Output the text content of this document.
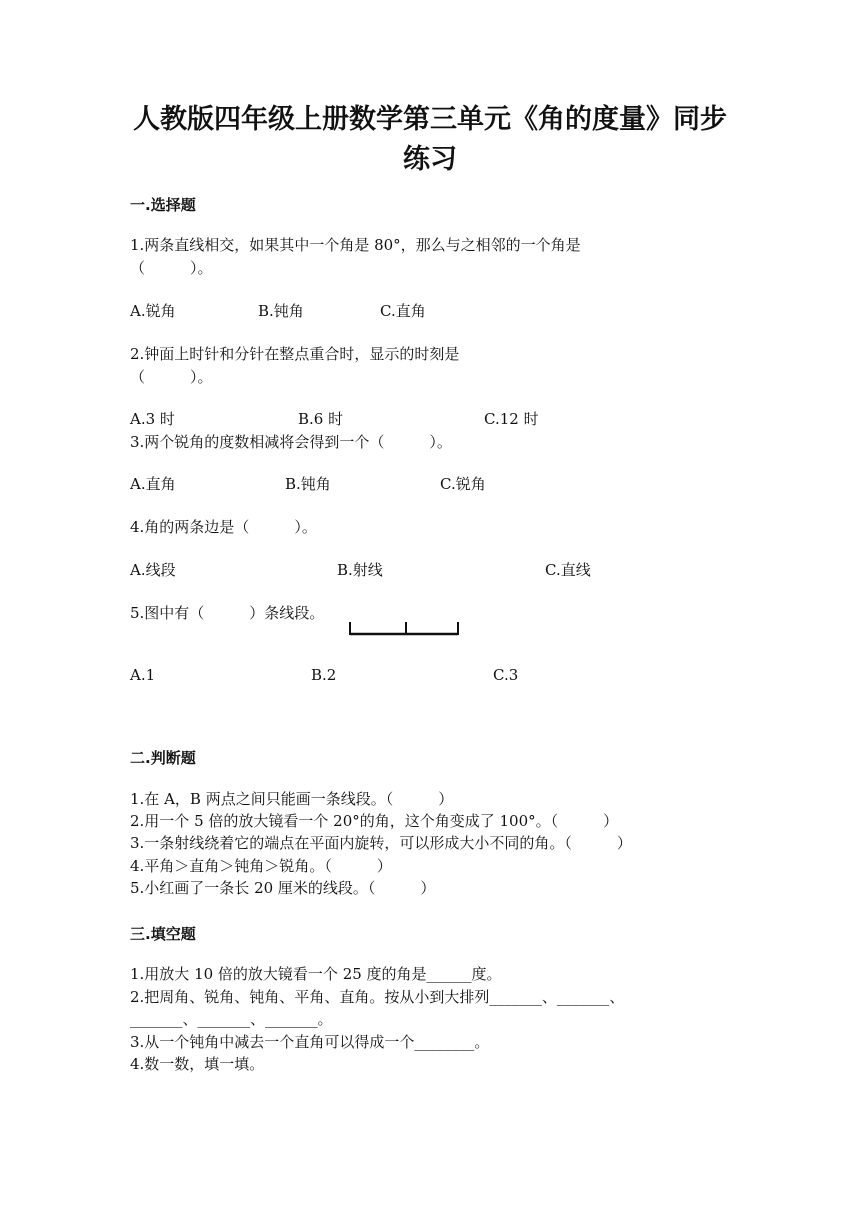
人教版四年级上册数学第三单元《角的度量》同步
练习
一.选择题
1.两条直线相交，如果其中一个角是 80°，那么与之相邻的一个角是
（　　　）。
A.锐角	B.钝角	C.直角
2.钟面上时针和分针在整点重合时，显示的时刻是
（　　　）。
A.3 时	B.6 时	C.12 时
3.两个锐角的度数相减将会得到一个（　　　）。
A.直角	B.钝角	C.锐角
4.角的两条边是（　　　）。
A.线段	B.射线	C.直线
5.图中有（　　　）条线段。
A.1	B.2	C.3
二.判断题
1.在 A，B 两点之间只能画一条线段。（　　　）
2.用一个 5 倍的放大镜看一个 20°的角，这个角变成了 100°。（　　　）
3.一条射线绕着它的端点在平面内旋转，可以形成大小不同的角。（　　　）
4.平角＞直角＞钝角＞锐角。（　　　）
5.小红画了一条长 20 厘米的线段。（　　　）
三.填空题
1.用放大 10 倍的放大镜看一个 25 度的角是______度。
2.把周角、锐角、钝角、平角、直角。按从小到大排列_______、_______、
_______、_______、_______。
3.从一个钝角中减去一个直角可以得成一个________。
4.数一数，填一填。
